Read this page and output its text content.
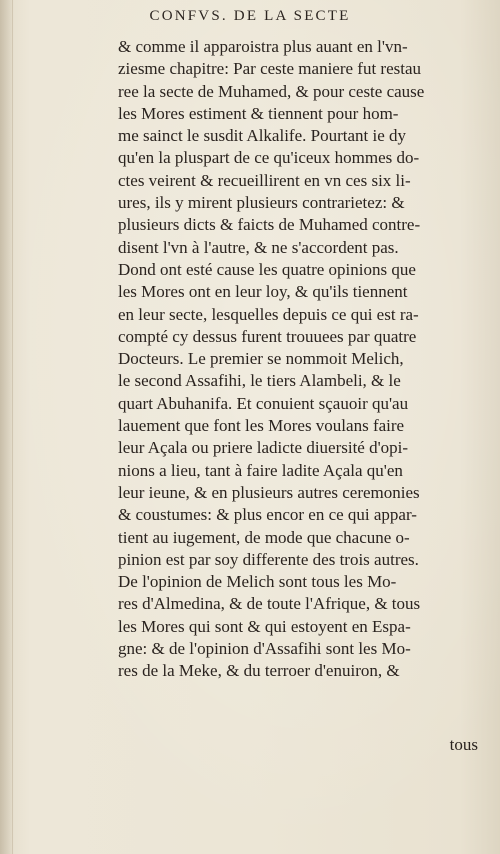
CONFVS. DE LA SECTE
& comme il apparoistra plus auant en l'vn-
ziesme chapitre: Par ceste maniere fut restau
ree la secte de Muhamed, & pour ceste cause
les Mores estiment & tiennent pour hom-
me sainct le susdit Alkalife. Pourtant ie dy
qu'en la pluspart de ce qu'iceux hommes do-
ctes veirent & recueillirent en vn ces six li-
ures, ils y mirent plusieurs contrarietez: &
plusieurs dicts & faicts de Muhamed contre-
disent l'vn à l'autre, & ne s'accordent pas.
Dond ont esté cause les quatre opinions que
les Mores ont en leur loy, & qu'ils tiennent
en leur secte, lesquelles depuis ce qui est ra-
compté cy dessus furent trouuees par quatre
Docteurs. Le premier se nommoit Melich,
le second Assafihi, le tiers Alambeli, & le
quart Abuhanifa. Et conuient sçauoir qu'au
lauement que font les Mores voulans faire
leur Açala ou priere ladicte diuersité d'opi-
nions a lieu, tant à faire ladite Açala qu'en
leur ieune, & en plusieurs autres ceremonies
& coustumes: & plus encor en ce qui appar-
tient au iugement, de mode que chacune o-
pinion est par soy differente des trois autres.
De l'opinion de Melich sont tous les Mo-
res d'Almedina, & de toute l'Afrique, & tous
les Mores qui sont & qui estoyent en Espa-
gne: & de l'opinion d'Assafihi sont les Mo-
res de la Meke, & du terroer d'enuiron, &
tous
